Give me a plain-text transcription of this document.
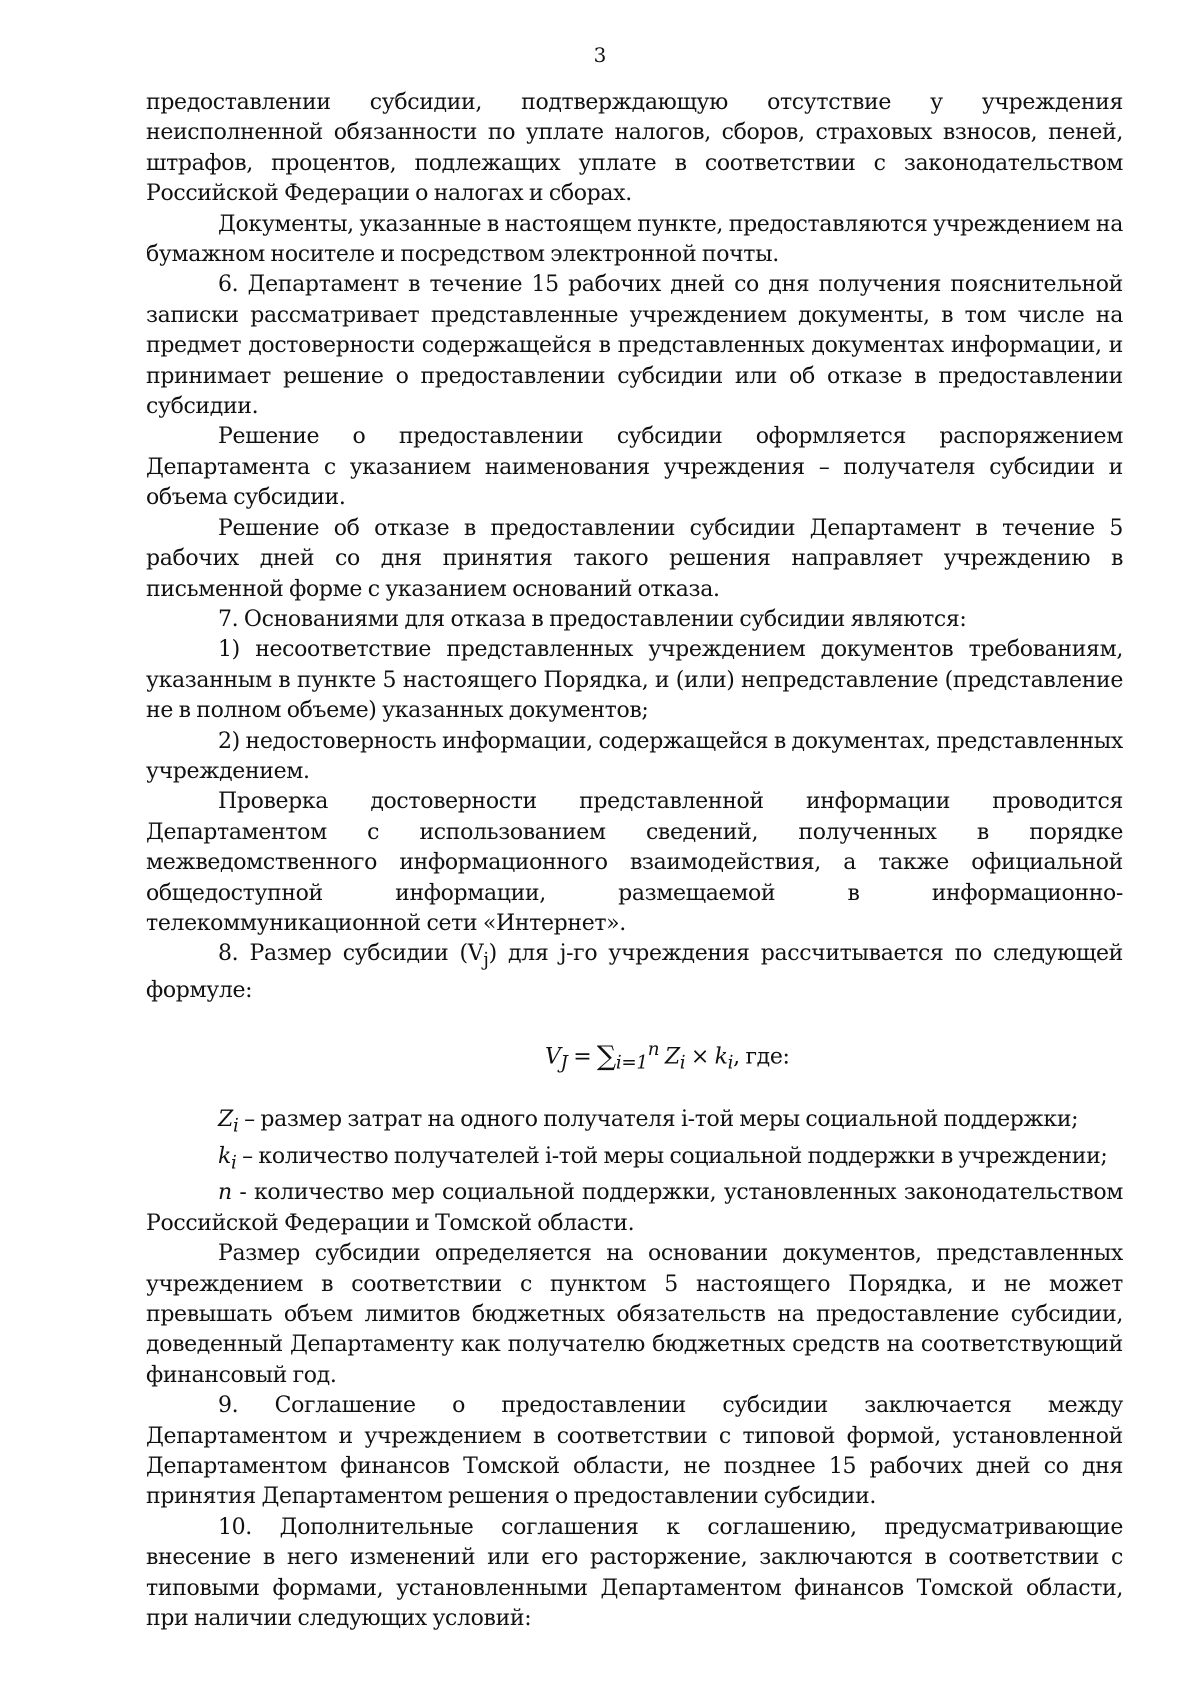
3

предоставлении субсидии, подтверждающую отсутствие у учреждения неисполненной обязанности по уплате налогов, сборов, страховых взносов, пеней, штрафов, процентов, подлежащих уплате в соответствии с законодательством Российской Федерации о налогах и сборах.

Документы, указанные в настоящем пункте, предоставляются учреждением на бумажном носителе и посредством электронной почты.

6. Департамент в течение 15 рабочих дней со дня получения пояснительной записки рассматривает представленные учреждением документы, в том числе на предмет достоверности содержащейся в представленных документах информации, и принимает решение о предоставлении субсидии или об отказе в предоставлении субсидии.

Решение о предоставлении субсидии оформляется распоряжением Департамента с указанием наименования учреждения – получателя субсидии и объема субсидии.

Решение об отказе в предоставлении субсидии Департамент в течение 5 рабочих дней со дня принятия такого решения направляет учреждению в письменной форме с указанием оснований отказа.

7. Основаниями для отказа в предоставлении субсидии являются:

1) несоответствие представленных учреждением документов требованиям, указанным в пункте 5 настоящего Порядка, и (или) непредставление (представление не в полном объеме) указанных документов;

2) недостоверность информации, содержащейся в документах, представленных учреждением.

Проверка достоверности представленной информации проводится Департаментом с использованием сведений, полученных в порядке межведомственного информационного взаимодействия, а также официальной общедоступной информации, размещаемой в информационно-телекоммуникационной сети «Интернет».

8. Размер субсидии $(V_j)$ для j-го учреждения рассчитывается по следующей формуле:

$V_J = \sum_{i=1}^n$ $Z_i \times k_i$, где:

$Z_i$ – размер затрат на одного получателя i-той меры социальной поддержки;

$k_i$ – количество получателей i-той меры социальной поддержки в учреждении;

n - количество мер социальной поддержки, установленных законодательством Российской Федерации и Томской области.

Размер субсидии определяется на основании документов, представленных учреждением в соответствии с пунктом 5 настоящего Порядка, и не может превышать объем лимитов бюджетных обязательств на предоставление субсидии, доведенный Департаменту как получателю бюджетных средств на соответствующий финансовый год.

9. Соглашение о предоставлении субсидии заключается между Департаментом и учреждением в соответствии с типовой формой, установленной Департаментом финансов Томской области, не позднее 15 рабочих дней со дня принятия Департаментом решения о предоставлении субсидии.

10. Дополнительные соглашения к соглашению, предусматривающие внесение в него изменений или его расторжение, заключаются в соответствии с типовыми формами, установленными Департаментом финансов Томской области, при наличии следующих условий:
